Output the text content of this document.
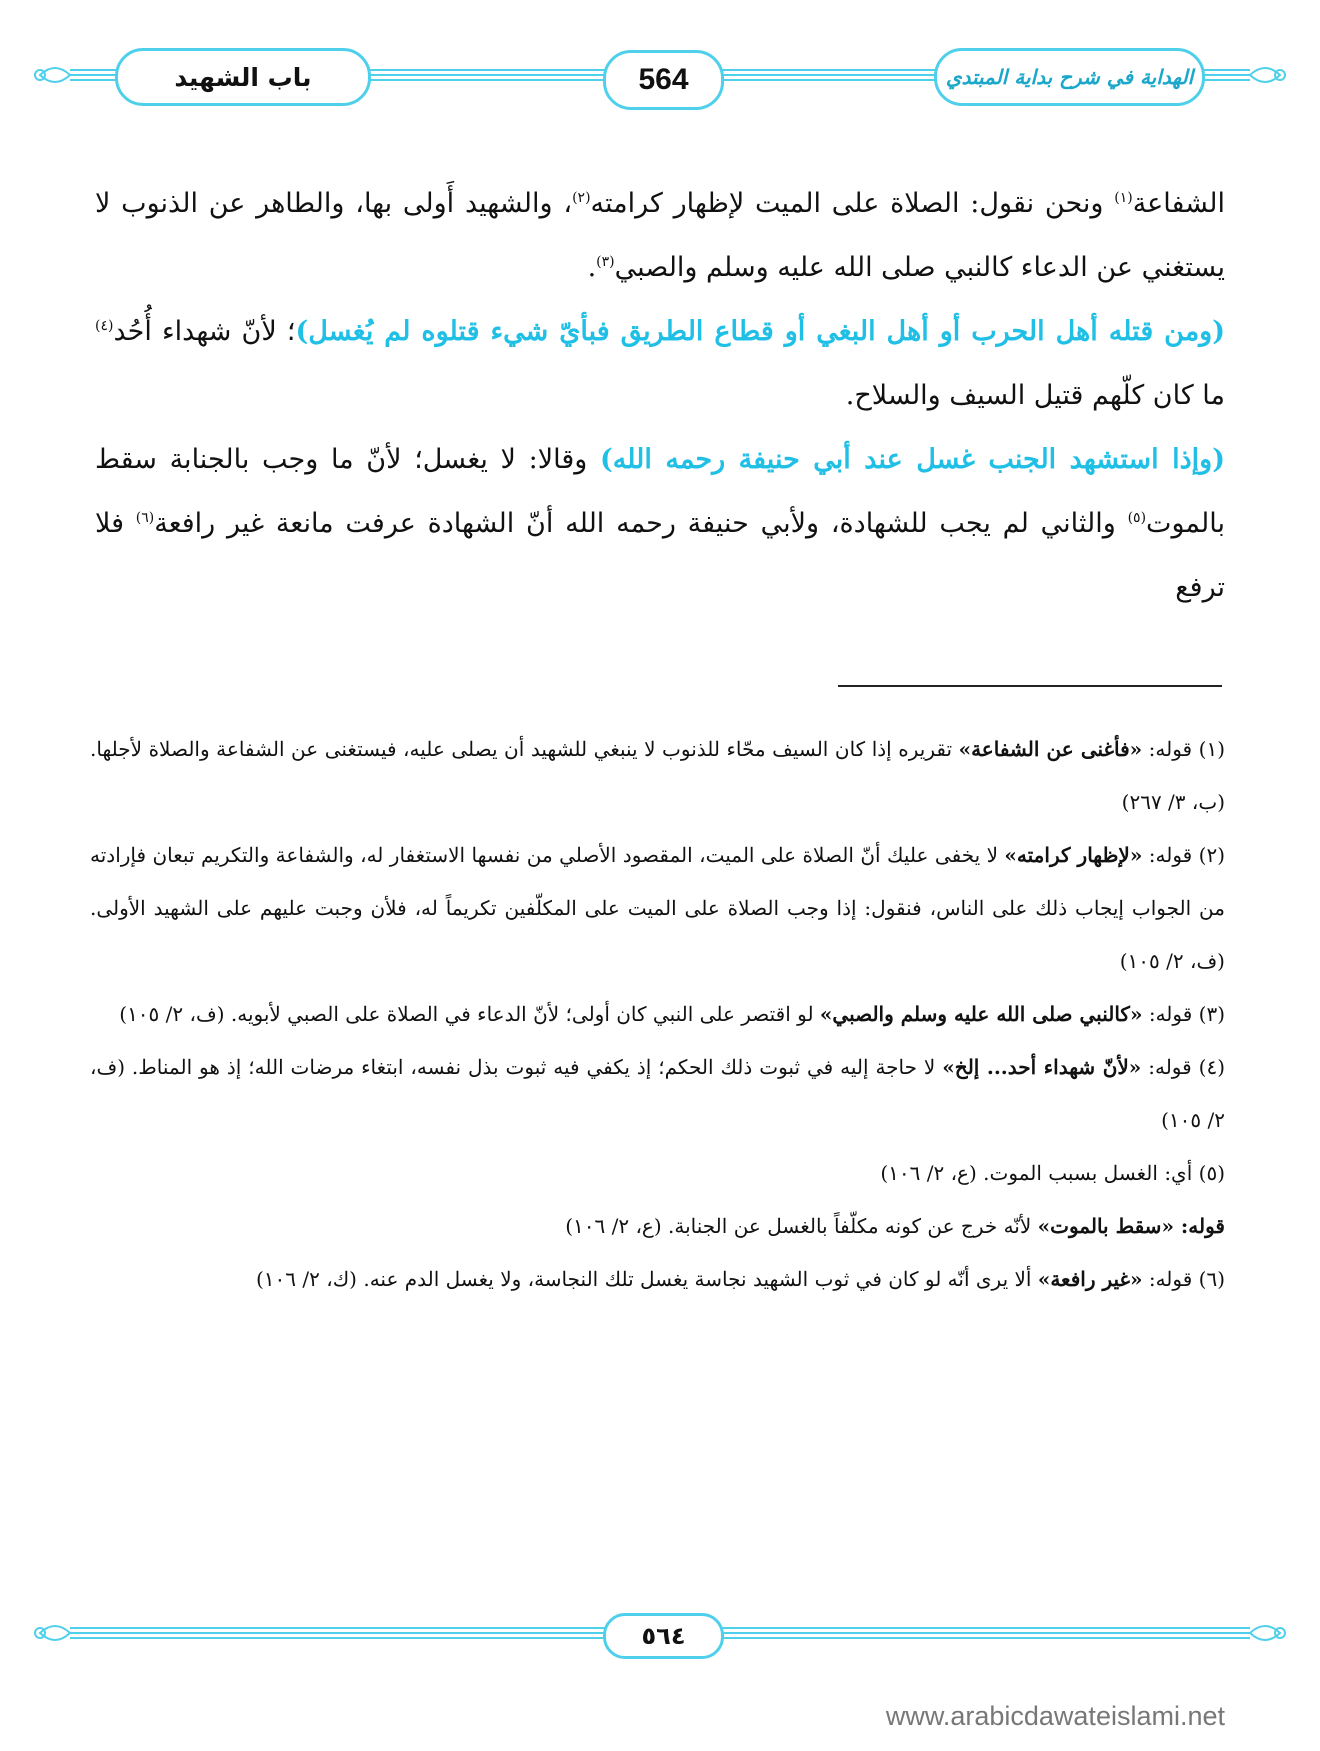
باب الشهيد	564	الهداية في شرح بداية المبتدي

الشفاعة$^{(١)}$ ونحن نقول: الصلاة على الميت لإظهار كرامته$^{(٢)}$، والشهيد أَولى بها، والطاهر عن الذنوب لا يستغني عن الدعاء كالنبي صلى الله عليه وسلم والصبي$^{(٣)}$.

(ومن قتله أهل الحرب أو أهل البغي أو قطاع الطريق فبأيّ شيء قتلوه لم يُغسل)؛ لأنّ شهداء أُحُد$^{(٤)}$ ما كان كلّهم قتيل السيف والسلاح.

(وإذا استشهد الجنب غسل عند أبي حنيفة رحمه الله) وقالا: لا يغسل؛ لأنّ ما وجب بالجنابة سقط بالموت$^{(٥)}$ والثاني لم يجب للشهادة، ولأبي حنيفة رحمه الله أنّ الشهادة عرفت مانعة غير رافعة$^{(٦)}$ فلا ترفع

(١) قوله: «فأغنى عن الشفاعة» تقريره إذا كان السيف محّاء للذنوب لا ينبغي للشهيد أن يصلى عليه، فيستغنى عن الشفاعة والصلاة لأجلها. (ب، ٣/ ٢٦٧)

(٢) قوله: «لإظهار كرامته» لا يخفى عليك أنّ الصلاة على الميت، المقصود الأصلي من نفسها الاستغفار له، والشفاعة والتكريم تبعان فإرادته من الجواب إيجاب ذلك على الناس، فنقول: إذا وجب الصلاة على الميت على المكلّفين تكريماً له، فلأن وجبت عليهم على الشهيد الأولى. (ف، ٢/ ١٠٥)

(٣) قوله: «كالنبي صلى الله عليه وسلم والصبي» لو اقتصر على النبي كان أولى؛ لأنّ الدعاء في الصلاة على الصبي لأبويه. (ف، ٢/ ١٠٥)

(٤) قوله: «لأنّ شهداء أحد... إلخ» لا حاجة إليه في ثبوت ذلك الحكم؛ إذ يكفي فيه ثبوت بذل نفسه، ابتغاء مرضات الله؛ إذ هو المناط. (ف، ٢/ ١٠٥)

(٥) أي: الغسل بسبب الموت. (ع، ٢/ ١٠٦)

قوله: «سقط بالموت» لأنّه خرج عن كونه مكلّفاً بالغسل عن الجنابة. (ع، ٢/ ١٠٦)

(٦) قوله: «غير رافعة» ألا يرى أنّه لو كان في ثوب الشهيد نجاسة يغسل تلك النجاسة، ولا يغسل الدم عنه. (ك، ٢/ ١٠٦)

٥٦٤
www.arabicdawateislami.net
